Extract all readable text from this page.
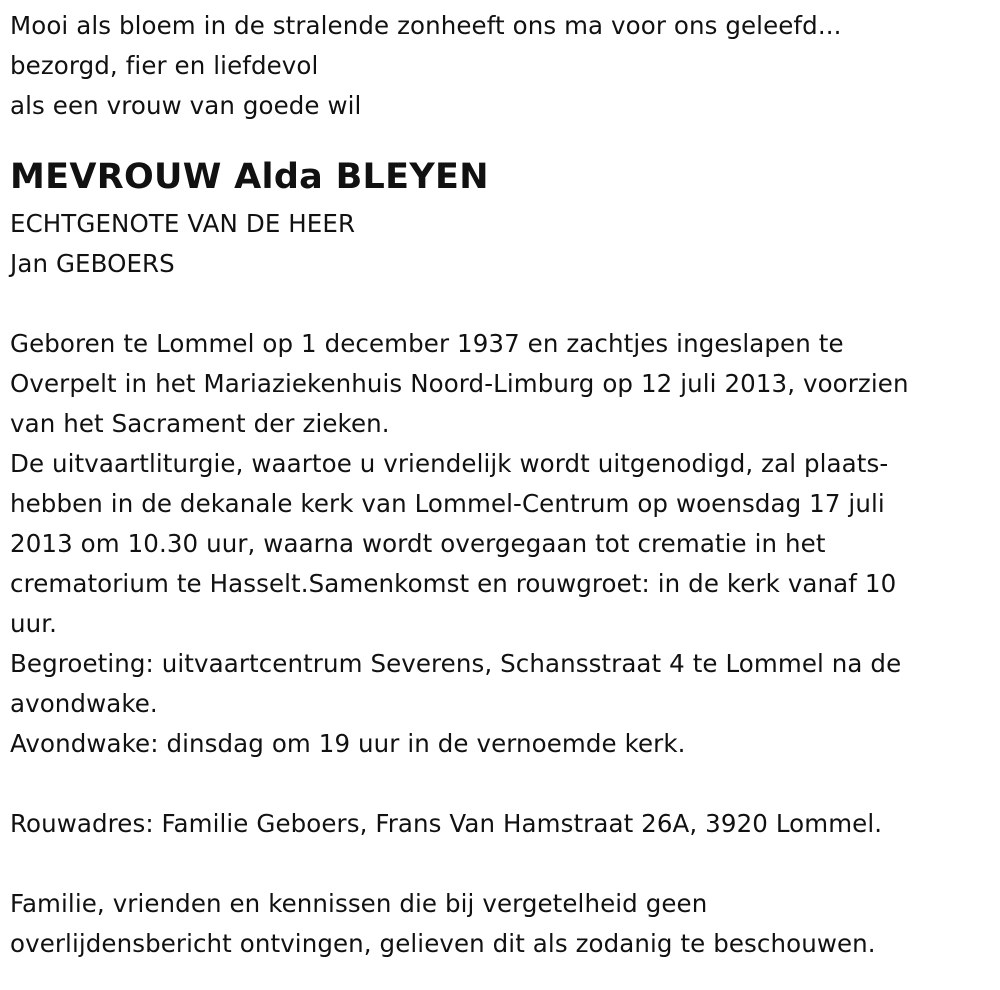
Mooi als bloem in de stralende zonheeft ons ma voor ons geleefd...
bezorgd, fier en liefdevol
als een vrouw van goede wil
MEVROUW Alda BLEYEN
ECHTGENOTE VAN DE HEER
Jan GEBOERS
Geboren te Lommel op 1 december 1937 en zachtjes ingeslapen te
Overpelt in het Mariaziekenhuis Noord-Limburg op 12 juli 2013, voorzien
van het Sacrament der zieken.
De uitvaartliturgie, waartoe u vriendelijk wordt uitgenodigd, zal plaats-
hebben in de dekanale kerk van Lommel-Centrum op woensdag 17 juli
2013 om 10.30 uur, waarna wordt overgegaan tot crematie in het
crematorium te Hasselt.Samenkomst en rouwgroet: in de kerk vanaf 10
uur.
Begroeting: uitvaartcentrum Severens, Schansstraat 4 te Lommel na de
avondwake.
Avondwake: dinsdag om 19 uur in de vernoemde kerk.
Rouwadres: Familie Geboers, Frans Van Hamstraat 26A, 3920 Lommel.
Familie, vrienden en kennissen die bij vergetelheid geen
overlijdensbericht ontvingen, gelieven dit als zodanig te beschouwen.
